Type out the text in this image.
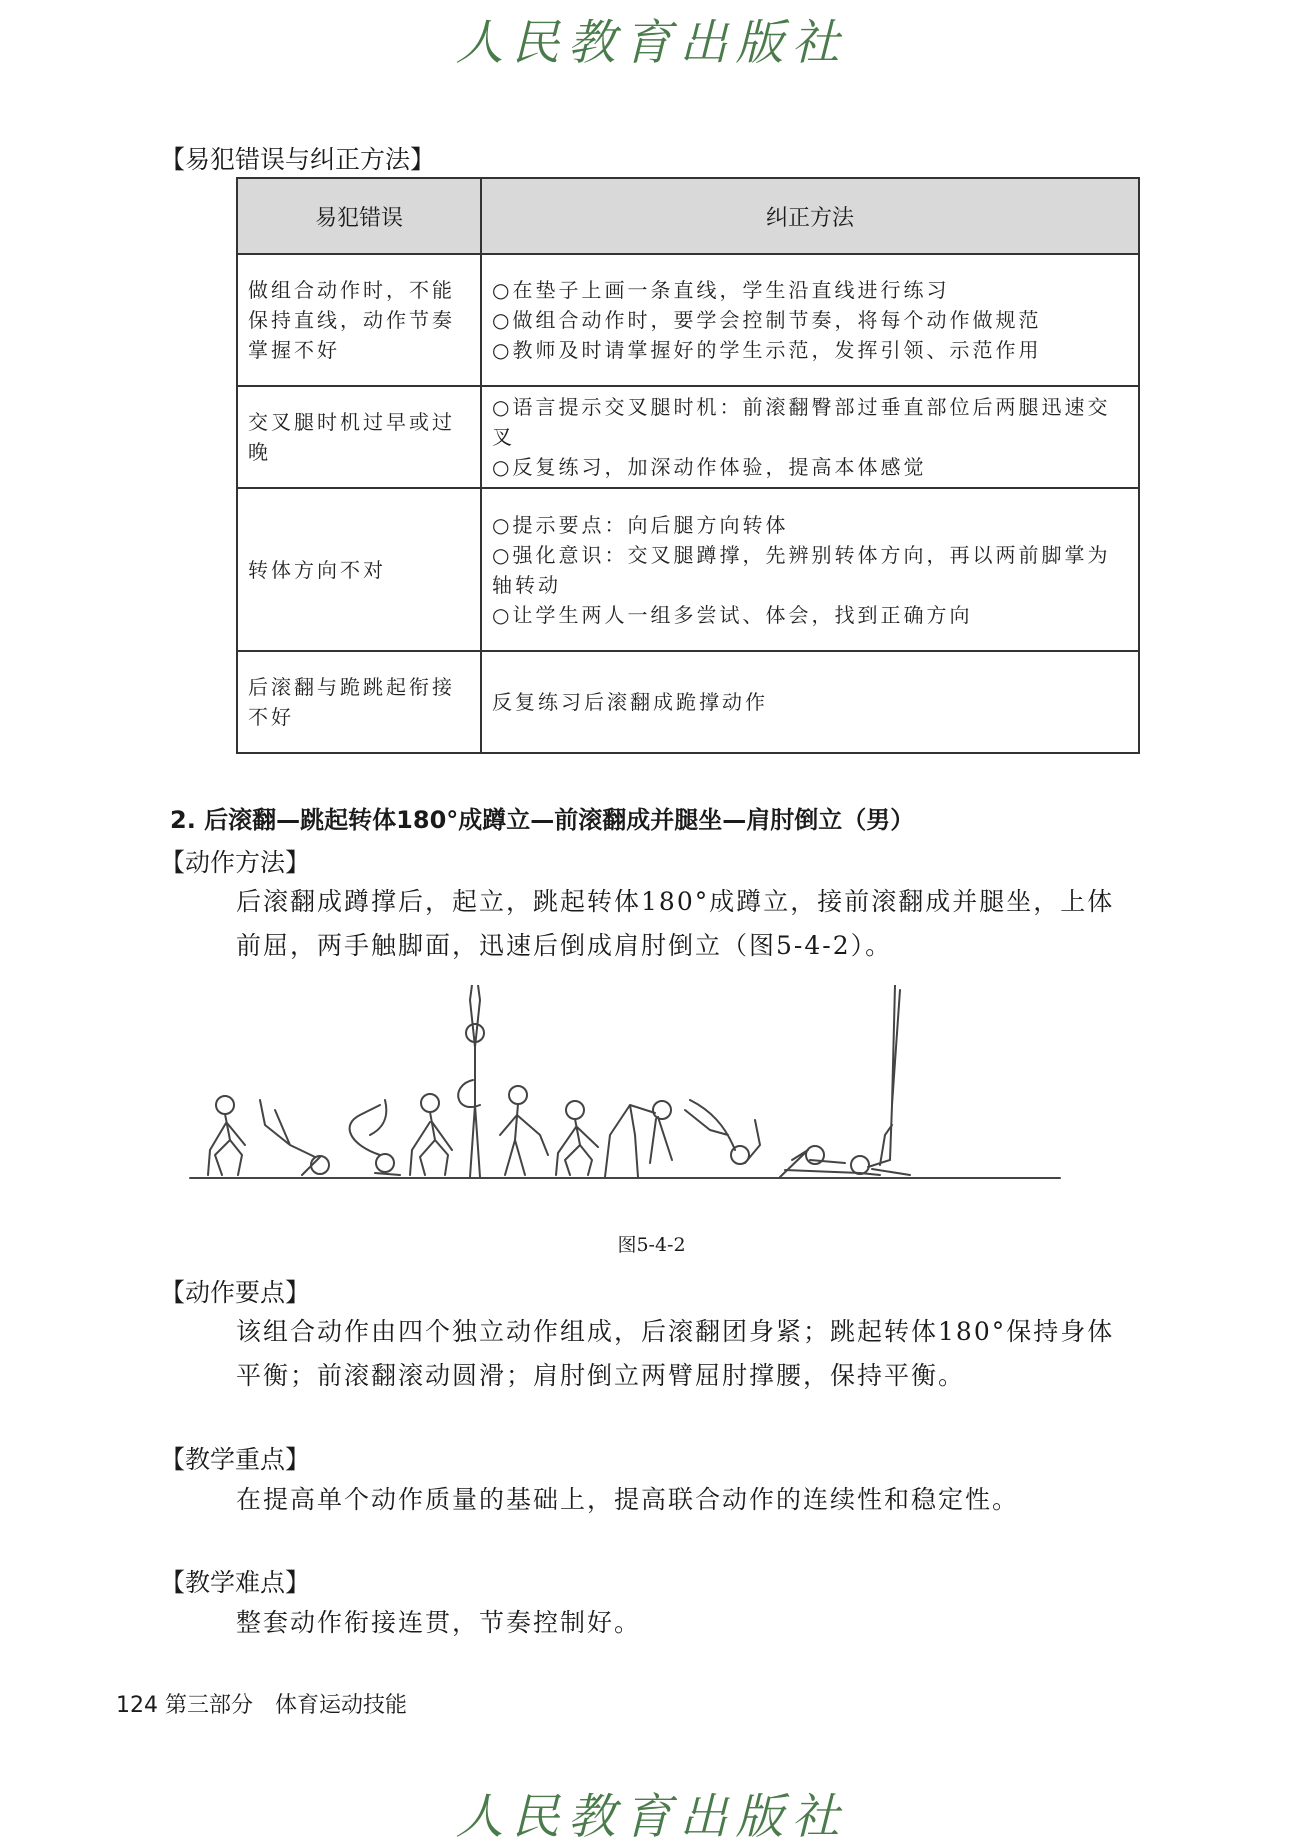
人民教育出版社
【易犯错误与纠正方法】
易犯错误	纠正方法
做组合动作时，不能保持直线，动作节奏掌握不好	○在垫子上画一条直线，学生沿直线进行练习
○做组合动作时，要学会控制节奏，将每个动作做规范
○教师及时请掌握好的学生示范，发挥引领、示范作用

交叉腿时机过早或过晚	○语言提示交叉腿时机：前滚翻臀部过垂直部位后两腿迅速交叉
○反复练习，加深动作体验，提高本体感觉

转体方向不对	○提示要点：向后腿方向转体
○强化意识：交叉腿蹲撑，先辨别转体方向，再以两前脚掌为轴转动
○让学生两人一组多尝试、体会，找到正确方向

后滚翻与跪跳起衔接不好	反复练习后滚翻成跪撑动作
2. 后滚翻—跳起转体180°成蹲立—前滚翻成并腿坐—肩肘倒立（男）
【动作方法】
后滚翻成蹲撑后，起立，跳起转体180°成蹲立，接前滚翻成并腿坐，上体前屈，两手触脚面，迅速后倒成肩肘倒立（图5-4-2）。
图5-4-2
【动作要点】
该组合动作由四个独立动作组成，后滚翻团身紧；跳起转体180°保持身体平衡；前滚翻滚动圆滑；肩肘倒立两臂屈肘撑腰，保持平衡。
【教学重点】
在提高单个动作质量的基础上，提高联合动作的连续性和稳定性。
【教学难点】
整套动作衔接连贯，节奏控制好。
124 第三部分　体育运动技能
人民教育出版社
